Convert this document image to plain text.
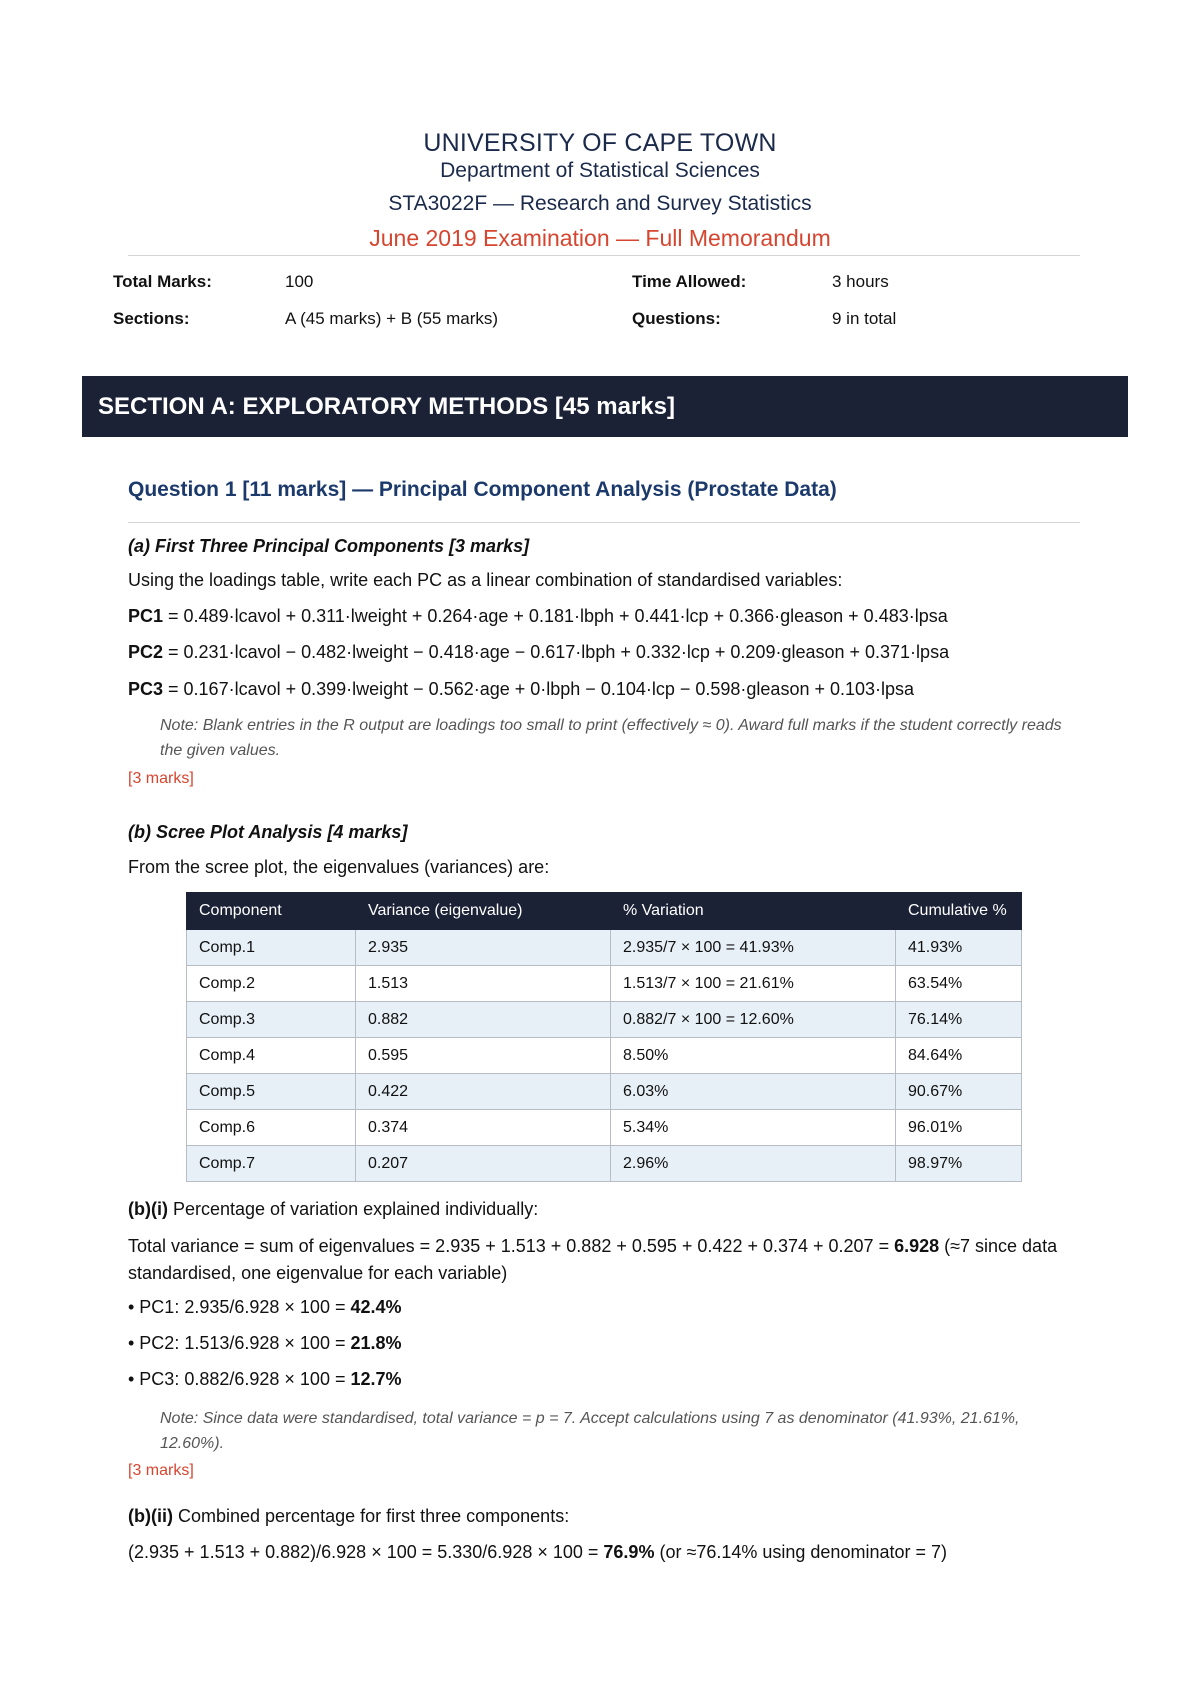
UNIVERSITY OF CAPE TOWN
Department of Statistical Sciences
STA3022F — Research and Survey Statistics
June 2019 Examination — Full Memorandum
Total Marks:	100	Time Allowed:	3 hours
Sections:	A (45 marks) + B (55 marks)	Questions:	9 in total
SECTION A: EXPLORATORY METHODS [45 marks]
Question 1 [11 marks] — Principal Component Analysis (Prostate Data)
(a) First Three Principal Components [3 marks]
Using the loadings table, write each PC as a linear combination of standardised variables:
PC1 = 0.489·lcavol + 0.311·lweight + 0.264·age + 0.181·lbph + 0.441·lcp + 0.366·gleason + 0.483·lpsa
PC2 = 0.231·lcavol − 0.482·lweight − 0.418·age − 0.617·lbph + 0.332·lcp + 0.209·gleason + 0.371·lpsa
PC3 = 0.167·lcavol + 0.399·lweight − 0.562·age + 0·lbph − 0.104·lcp − 0.598·gleason + 0.103·lpsa
Note: Blank entries in the R output are loadings too small to print (effectively ≈ 0). Award full marks if the student correctly reads the given values.
[3 marks]
(b) Scree Plot Analysis [4 marks]
From the scree plot, the eigenvalues (variances) are:
Component	Variance (eigenvalue)	% Variation	Cumulative %
Comp.1	2.935	2.935/7 × 100 = 41.93%	41.93%
Comp.2	1.513	1.513/7 × 100 = 21.61%	63.54%
Comp.3	0.882	0.882/7 × 100 = 12.60%	76.14%
Comp.4	0.595	8.50%	84.64%
Comp.5	0.422	6.03%	90.67%
Comp.6	0.374	5.34%	96.01%
Comp.7	0.207	2.96%	98.97%
(b)(i) Percentage of variation explained individually:
Total variance = sum of eigenvalues = 2.935 + 1.513 + 0.882 + 0.595 + 0.422 + 0.374 + 0.207 = 6.928 (≈7 since data standardised, one eigenvalue for each variable)
• PC1: 2.935/6.928 × 100 = 42.4%
• PC2: 1.513/6.928 × 100 = 21.8%
• PC3: 0.882/6.928 × 100 = 12.7%
Note: Since data were standardised, total variance = p = 7. Accept calculations using 7 as denominator (41.93%, 21.61%, 12.60%).
[3 marks]
(b)(ii) Combined percentage for first three components:
(2.935 + 1.513 + 0.882)/6.928 × 100 = 5.330/6.928 × 100 = 76.9% (or ≈76.14% using denominator = 7)
